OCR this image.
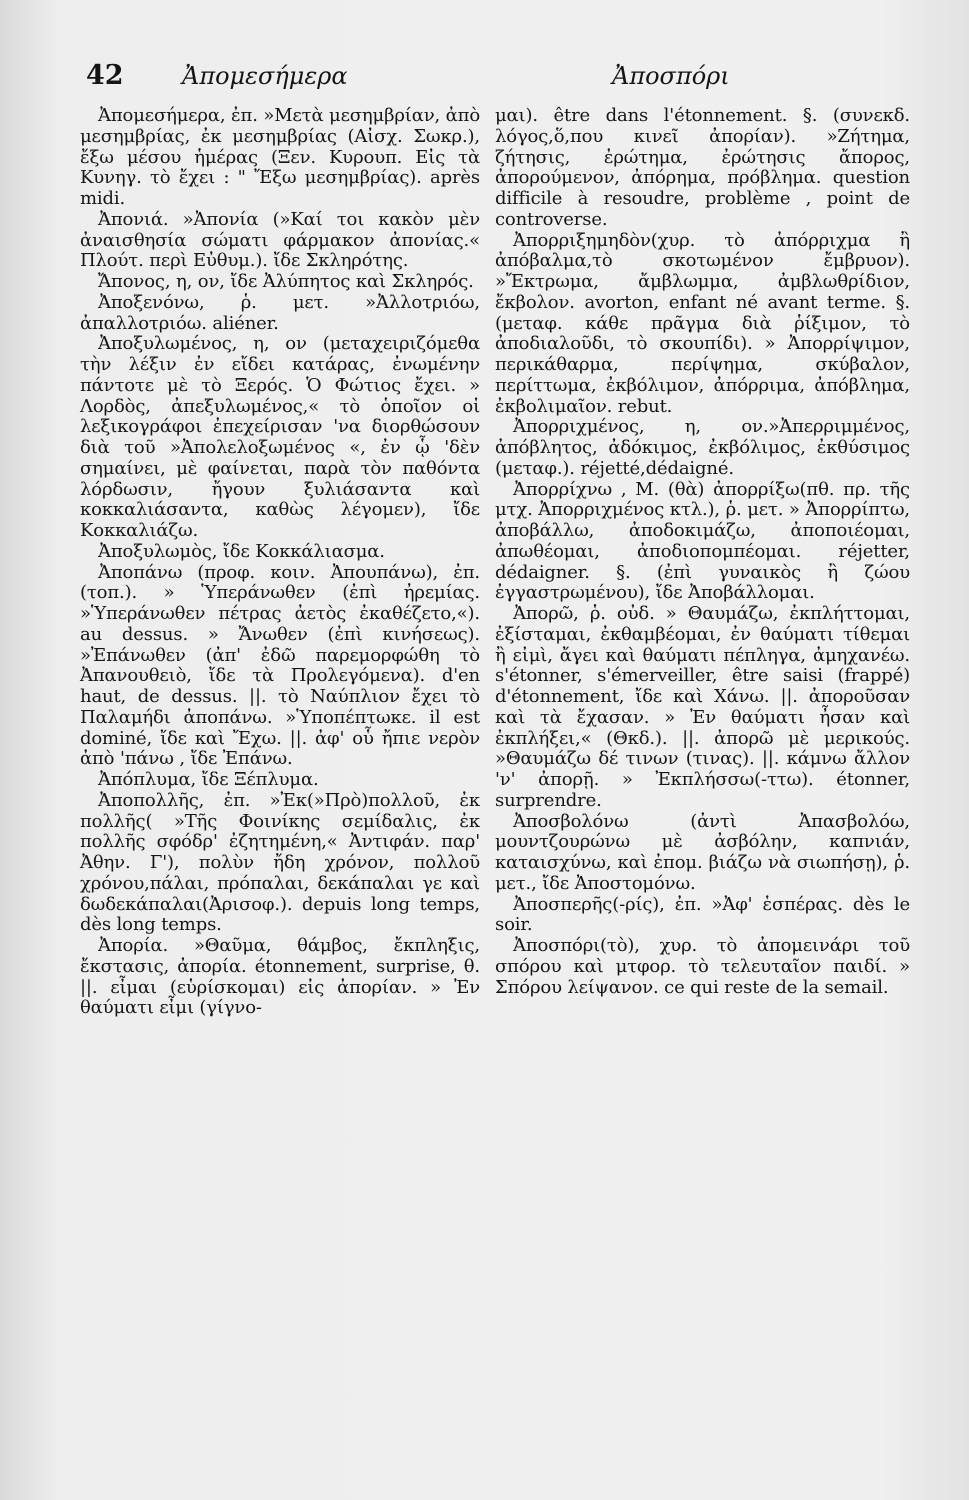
42 Ἀπομεσήμερα	Ἀποσπόρι

Ἀπομεσήμερα, ἐπ. »Μετὰ μεσημβρίαν, ἀπὸ μεσημβρίας, ἐκ μεσημβρίας (Αἰσχ. Σωκρ.), ἔξω μέσου ἡμέρας (Ξεν. Κυρουπ. Εἰς τὰ Κυνηγ. τὸ ἔχει : " Ἔξω μεσημβρίας). après midi.

Ἀπονιά. »Ἀπονία (»Καί τοι κακὸν μὲν ἀναισθησία σώματι φάρμακον ἀπονίας.« Πλούτ. περὶ Εὐθυμ.). ἴδε Σκληρότης.

Ἄπονος, η, ον, ἴδε Ἀλύπητος καὶ Σκληρός.

Ἀποξενόνω, ῥ. μετ. »Ἀλλοτριόω, ἀπαλλοτριόω. aliéner.

Ἀποξυλωμένος, η, ον (μεταχειριζόμεθα τὴν λέξιν ἐν εἴδει κατάρας, ἐνωμένην πάντοτε μὲ τὸ Ξερός. Ὁ Φώτιος ἔχει. » Λορδὸς, ἀπεξυλωμένος,« τὸ ὁποῖον οἱ λεξικογράφοι ἐπεχείρισαν 'να διορθώσουν διὰ τοῦ »Ἀπολελοξωμένος «, ἐν ᾧ 'δὲν σημαίνει, μὲ φαίνεται, παρὰ τὸν παθόντα λόρδωσιν, ἤγουν ξυλιάσαντα καὶ κοκκαλιάσαντα, καθὼς λέγομεν), ἴδε Κοκκαλιάζω.

Ἀποξυλωμὸς, ἴδε Κοκκάλιασμα.

Ἀποπάνω (προφ. κοιν. Ἀπουπάνω), ἐπ. (τοπ.). » Ὑπεράνωθεν (ἐπὶ ἠρεμίας. »Ὑπεράνωθεν πέτρας ἀετὸς ἐκαθέζετο,«). au dessus. » Ἄνωθεν (ἐπὶ κινήσεως). »Ἐπάνωθεν (ἀπ' ἐδῶ παρεμορφώθη τὸ Ἀπανουθειὸ, ἴδε τὰ Προλεγόμενα). d'en haut, de dessus. ||. τὸ Ναύπλιον ἔχει τὸ Παλαμήδι ἀποπάνω. »Ὑποπέπτωκε. il est dominé, ἴδε καὶ Ἔχω. ||. ἀφ' οὗ ἤπιε νερὸν ἀπὸ 'πάνω , ἴδε Ἐπάνω.

Ἀπόπλυμα, ἴδε Ξέπλυμα.

Ἀποπολλῆς, ἐπ. »Ἐκ(»Πρὸ)πολλοῦ, ἐκ πολλῆς( »Τῆς Φοινίκης σεμίδαλις, ἐκ πολλῆς σφόδρ' ἐζητημένη,« Ἀντιφάν. παρ' Ἀθην. Γ'), πολὺν ἤδη χρόνον, πολλοῦ χρόνου,πάλαι, πρόπαλαι, δεκάπαλαι γε καὶ δωδεκάπαλαι(Ἀρισοφ.). depuis long temps, dès long temps.

Ἀπορία. »Θαῦμα, θάμβος, ἔκπληξις, ἔκστασις, ἀπορία. étonnement, surprise, θ. ||. εἶμαι (εὑρίσκομαι) εἰς ἀπορίαν. » Ἐν θαύματι εἶμι (γίγνο-

μαι). être dans l'étonnement. §. (συνεκδ. λόγος,ὅ,που κινεῖ ἀπορίαν). »Ζήτημα, ζήτησις, ἐρώτημα, ἐρώτησις ἄπορος, ἀπορούμενον, ἀπόρημα, πρόβλημα. question difficile à resoudre, problème , point de controverse.

Ἀπορριξημηδὸν(χυρ. τὸ ἀπόρριχμα ἢ ἀπόβαλμα,τὸ σκοτωμένον ἔμβρυον). »Ἔκτρωμα, ἄμβλωμμα, ἀμβλωθρίδιον, ἔκβολον. avorton, enfant né avant terme. §. (μεταφ. κάθε πρᾶγμα διὰ ῥίξιμον, τὸ ἀποδιαλοῦδι, τὸ σκουπίδι). » Ἀπορρίψιμον, περικάθαρμα, περίψημα, σκύβαλον, περίττωμα, ἐκβόλιμον, ἀπόρριμα, ἀπόβλημα, ἐκβολιμαῖον. rebut.

Ἀπορριχμένος, η, ον.»Ἀπερριμμένος, ἀπόβλητος, ἀδόκιμος, ἐκβόλιμος, ἐκθύσιμος (μεταφ.). réjetté,dédaigné.

Ἀπορρίχνω , Μ. (θὰ) ἀπορρίξω(πθ. πρ. τῆς μτχ. Ἀπορριχμένος κτλ.), ῥ. μετ. » Ἀπορρίπτω, ἀποβάλλω, ἀποδοκιμάζω, ἀποποιέομαι, ἀπωθέομαι, ἀποδιοπομπέομαι. réjetter, dédaigner. §. (ἐπὶ γυναικὸς ἢ ζώου ἐγγαστρωμένου), ἴδε Ἀποβάλλομαι.

Ἀπορῶ, ῥ. οὐδ. » Θαυμάζω, ἐκπλήττομαι, ἐξίσταμαι, ἐκθαμβέομαι, ἐν θαύματι τίθεμαι ἢ εἰμὶ, ἄγει καὶ θαύματι πέπληγα, ἀμηχανέω. s'étonner, s'émerveiller, être saisi (frappé) d'étonnement, ἴδε καὶ Χάνω. ||. ἀποροῦσαν καὶ τὰ ἔχασαν. » Ἐν θαύματι ἦσαν καὶ ἐκπλήξει,« (Θκδ.). ||. ἀπορῶ μὲ μερικούς. »Θαυμάζω δέ τινων (τινας). ||. κάμνω ἄλλον 'ν' ἀπορῇ. » Ἐκπλήσσω(-ττω). étonner, surprendre.

Ἀποσβολόνω (ἀντὶ Ἀπασβολόω, μουντζουρώνω μὲ ἀσβόλην, καπνιάν, καταισχύνω, καὶ ἐπομ. βιάζω νὰ σιωπήσῃ), ῥ. μετ., ἴδε Ἀποστομόνω.

Ἀποσπερῆς(-ρίς), ἐπ. »Ἀφ' ἑσπέρας. dès le soir.

Ἀποσπόρι(τὸ), χυρ. τὸ ἀπομεινάρι τοῦ σπόρου καὶ μτφορ. τὸ τελευταῖον παιδί. » Σπόρου λείψανον. ce qui reste de la semail.
